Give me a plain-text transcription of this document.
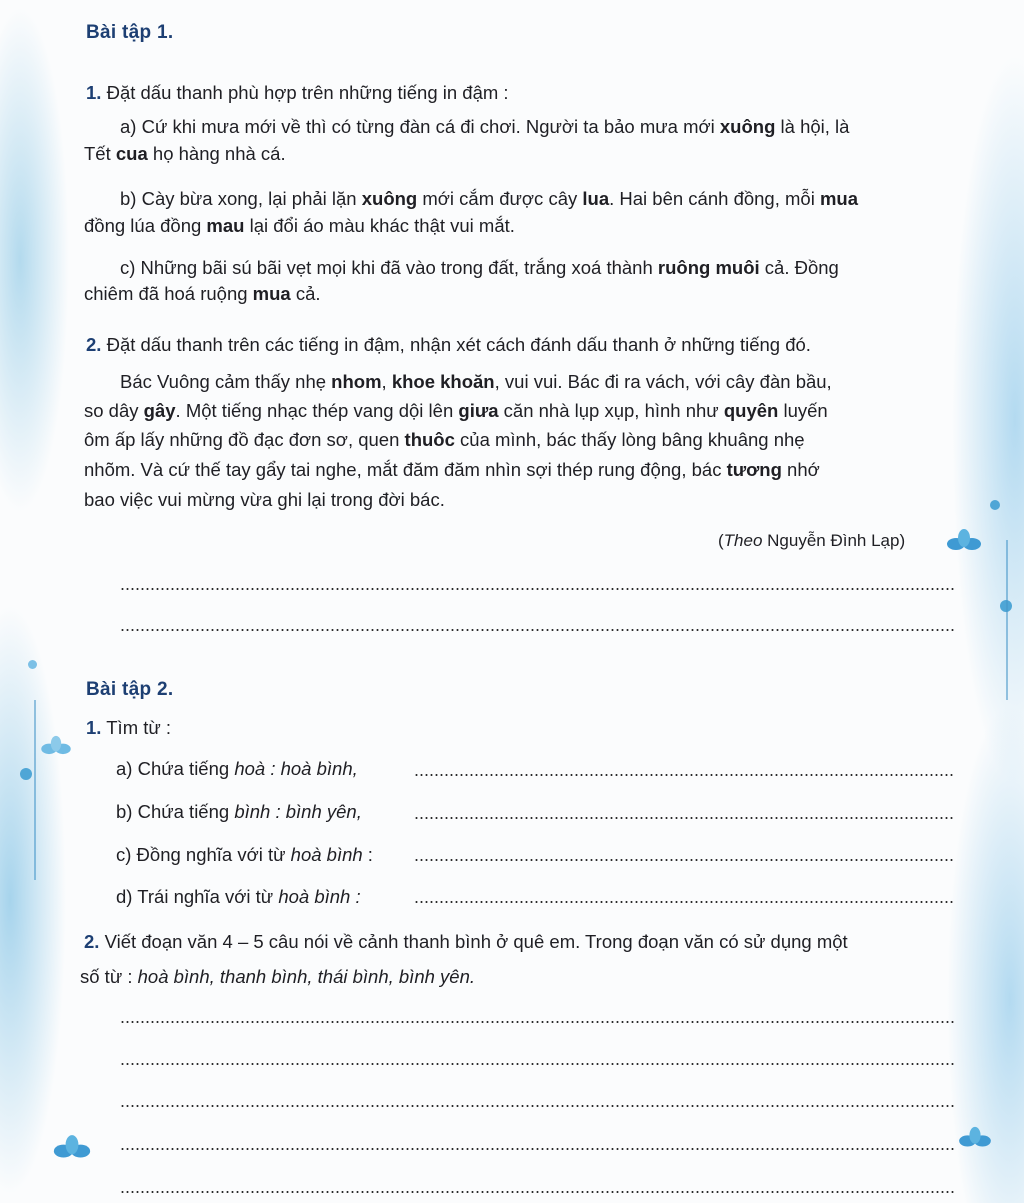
Bài tập 1.
1. Đặt dấu thanh phù hợp trên những tiếng in đậm :
a) Cứ khi mưa mới về thì có từng đàn cá đi chơi. Người ta bảo mưa mới xuông là hội, là
Tết cua họ hàng nhà cá.
b) Cày bừa xong, lại phải lặn xuông mới cắm được cây lua. Hai bên cánh đồng, mỗi mua
đồng lúa đồng mau lại đổi áo màu khác thật vui mắt.
c) Những bãi sú bãi vẹt mọi khi đã vào trong đất, trắng xoá thành ruông muôi cả. Đồng
chiêm đã hoá ruộng mua cả.
2. Đặt dấu thanh trên các tiếng in đậm, nhận xét cách đánh dấu thanh ở những tiếng đó.
Bác Vuông cảm thấy nhẹ nhom, khoe khoăn, vui vui. Bác đi ra vách, với cây đàn bầu,
so dây gây. Một tiếng nhạc thép vang dội lên giưa căn nhà lụp xụp, hình như quyên luyến
ôm ấp lấy những đồ đạc đơn sơ, quen thuôc của mình, bác thấy lòng bâng khuâng nhẹ
nhõm. Và cứ thế tay gẩy tai nghe, mắt đăm đăm nhìn sợi thép rung động, bác tương nhớ
bao việc vui mừng vừa ghi lại trong đời bác.
(Theo Nguyễn Đình Lạp)
Bài tập 2.
1. Tìm từ :
a) Chứa tiếng hoà : hoà bình,
b) Chứa tiếng bình : bình yên,
c) Đồng nghĩa với từ hoà bình :
d) Trái nghĩa với từ hoà bình :
2. Viết đoạn văn 4 – 5 câu nói về cảnh thanh bình ở quê em. Trong đoạn văn có sử dụng một
số từ : hoà bình, thanh bình, thái bình, bình yên.
